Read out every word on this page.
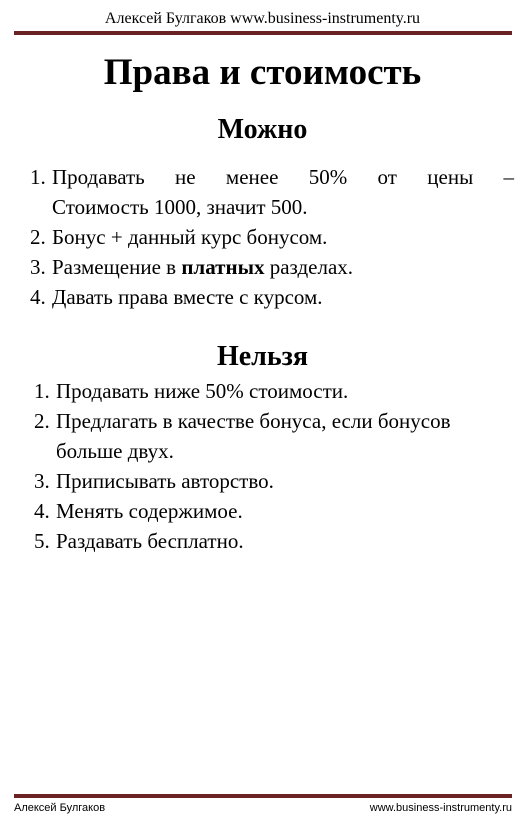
Алексей Булгаков www.business-instrumenty.ru
Права и стоимость
Можно
1. Продавать не менее 50% от цены –
Стоимость 1000, значит 500.
2. Бонус + данный курс бонусом.
3. Размещение в платных разделах.
4. Давать права вместе с курсом.
Нельзя
1. Продавать ниже 50% стоимости.
2. Предлагать в качестве бонуса, если бонусов
больше двух.
3. Приписывать авторство.
4. Менять содержимое.
5. Раздавать бесплатно.
Алексей Булгаков	www.business-instrumenty.ru
